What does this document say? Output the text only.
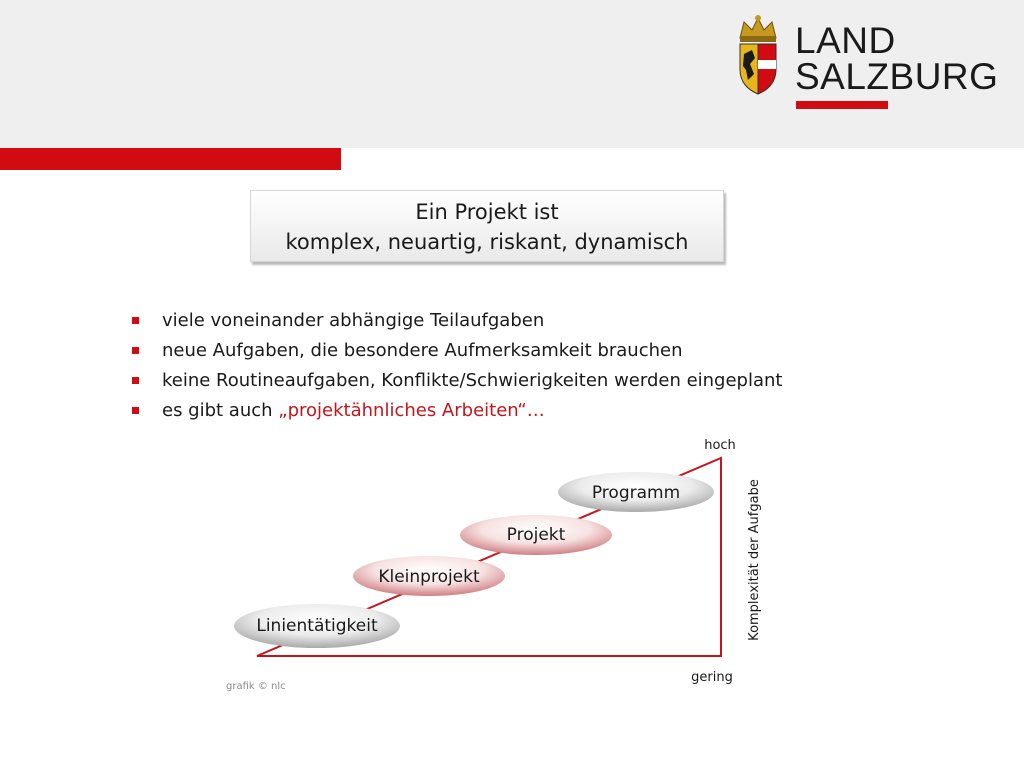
LAND
SALZBURG
Ein Projekt ist
komplex, neuartig, riskant, dynamisch
viele voneinander abhängige Teilaufgaben
neue Aufgaben, die besondere Aufmerksamkeit brauchen
keine Routineaufgaben, Konflikte/Schwierigkeiten werden eingeplant
es gibt auch „projektähnliches Arbeiten“…
hoch
gering
Komplexität der Aufgabe
Linientätigkeit
Kleinprojekt
Projekt
Programm
grafik © nlc
